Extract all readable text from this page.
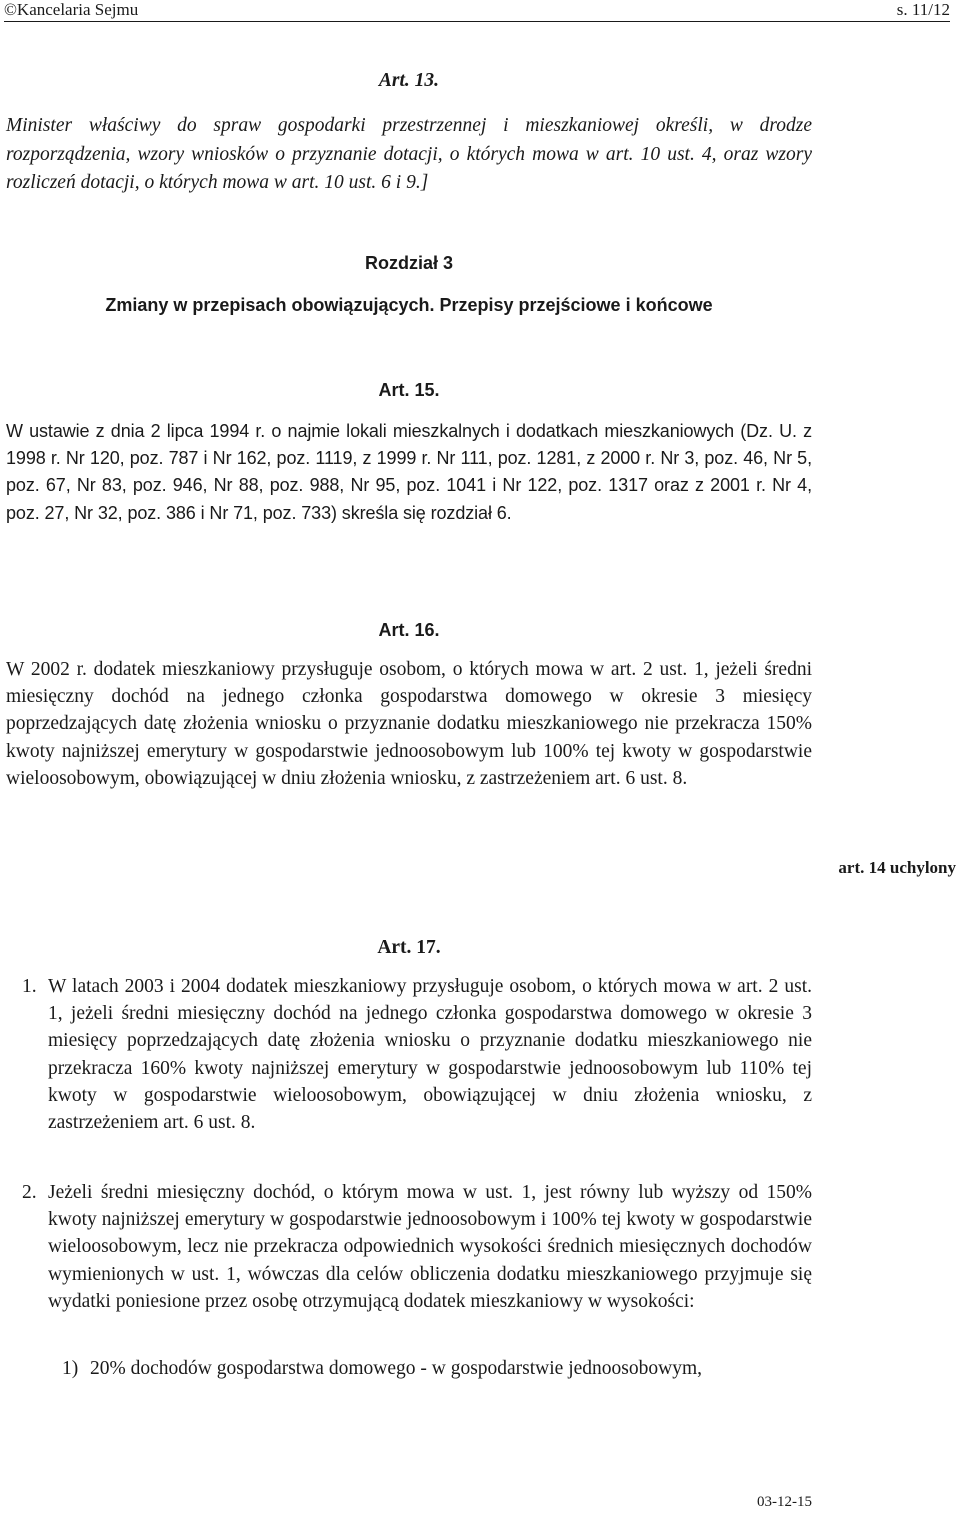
©Kancelaria Sejmu	s. 11/12
Art. 13.
Minister właściwy do spraw gospodarki przestrzennej i mieszkaniowej określi, w drodze rozporządzenia, wzory wniosków o przyznanie dotacji, o których mowa w art. 10 ust. 4, oraz wzory rozliczeń dotacji, o których mowa w art. 10 ust. 6 i 9.]
Rozdział 3
Zmiany w przepisach obowiązujących. Przepisy przejściowe i końcowe
Art. 15.
W ustawie z dnia 2 lipca 1994 r. o najmie lokali mieszkalnych i dodatkach mieszkaniowych (Dz. U. z 1998 r. Nr 120, poz. 787 i Nr 162, poz. 1119, z 1999 r. Nr 111, poz. 1281, z 2000 r. Nr 3, poz. 46, Nr 5, poz. 67, Nr 83, poz. 946, Nr 88, poz. 988, Nr 95, poz. 1041 i Nr 122, poz. 1317 oraz z 2001 r. Nr 4, poz. 27, Nr 32, poz. 386 i Nr 71, poz. 733) skreśla się rozdział 6.
Art. 16.
W 2002 r. dodatek mieszkaniowy przysługuje osobom, o których mowa w art. 2 ust. 1, jeżeli średni miesięczny dochód na jednego członka gospodarstwa domowego w okresie 3 miesięcy poprzedzających datę złożenia wniosku o przyznanie dodatku mieszkaniowego nie przekracza 150% kwoty najniższej emerytury w gospodarstwie jednoosobowym lub 100% tej kwoty w gospodarstwie wieloosobowym, obowiązującej w dniu złożenia wniosku, z zastrzeżeniem art. 6 ust. 8.
art. 14 uchylony
Art. 17.
1. W latach 2003 i 2004 dodatek mieszkaniowy przysługuje osobom, o których mowa w art. 2 ust. 1, jeżeli średni miesięczny dochód na jednego członka gospodarstwa domowego w okresie 3 miesięcy poprzedzających datę złożenia wniosku o przyznanie dodatku mieszkaniowego nie przekracza 160% kwoty najniższej emerytury w gospodarstwie jednoosobowym lub 110% tej kwoty w gospodarstwie wieloosobowym, obowiązującej w dniu złożenia wniosku, z zastrzeżeniem art. 6 ust. 8.

2. Jeżeli średni miesięczny dochód, o którym mowa w ust. 1, jest równy lub wyższy od 150% kwoty najniższej emerytury w gospodarstwie jednoosobowym i 100% tej kwoty w gospodarstwie wieloosobowym, lecz nie przekracza odpowiednich wysokości średnich miesięcznych dochodów wymienionych w ust. 1, wówczas dla celów obliczenia dodatku mieszkaniowego przyjmuje się wydatki poniesione przez osobę otrzymującą dodatek mieszkaniowy w wysokości:

1) 20% dochodów gospodarstwa domowego - w gospodarstwie jednoosobowym,

03-12-15
